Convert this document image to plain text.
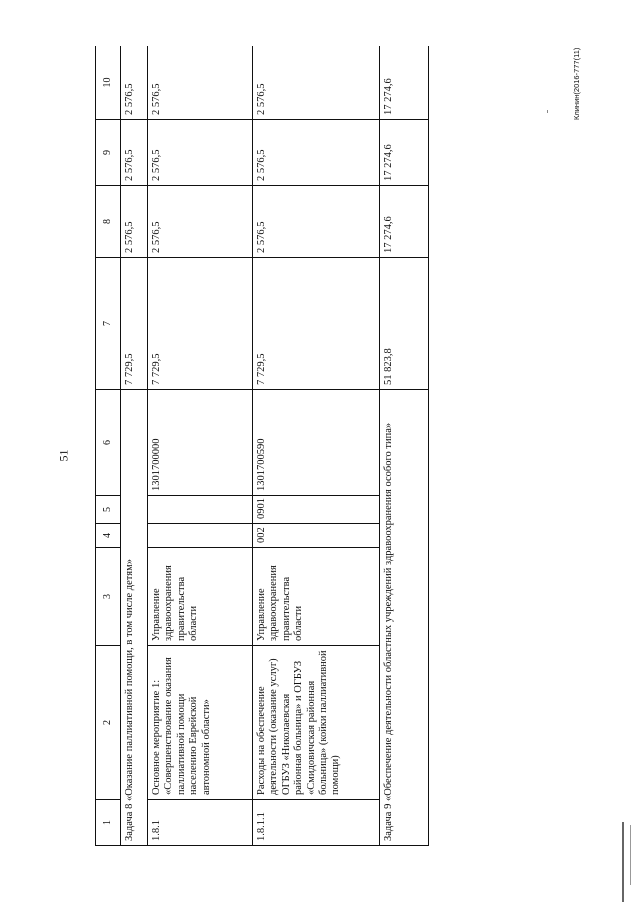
51
1	2	3	4	5	6	7	8	9	10
Задача 8 «Оказание паллиативной помощи, в том числе детям»						7 729,5	2 576,5	2 576,5	2 576,5
1.8.1	Основное мероприятие 1: «Совершенствование оказания паллиативной помощи населению Еврейской автономной области»	Управление здравоохранения правительства области			1301700000	7 729,5	2 576,5	2 576,5	2 576,5
1.8.1.1	Расходы на обеспечение деятельности (оказание услуг) ОГБУЗ «Николаевская районная больница» и ОГБУЗ «Смидовичская районная больница» (койки паллиативной помощи)	Управление здравоохранения правительства области	002	0901	1301700590	7 729,5	2 576,5	2 576,5	2 576,5
Задача 9 «Обеспечение деятельности областных учреждений здравоохранения особого типа»						51 823,8	17 274,6	17 274,6	17 274,6	Клинин(2016-777(11)
